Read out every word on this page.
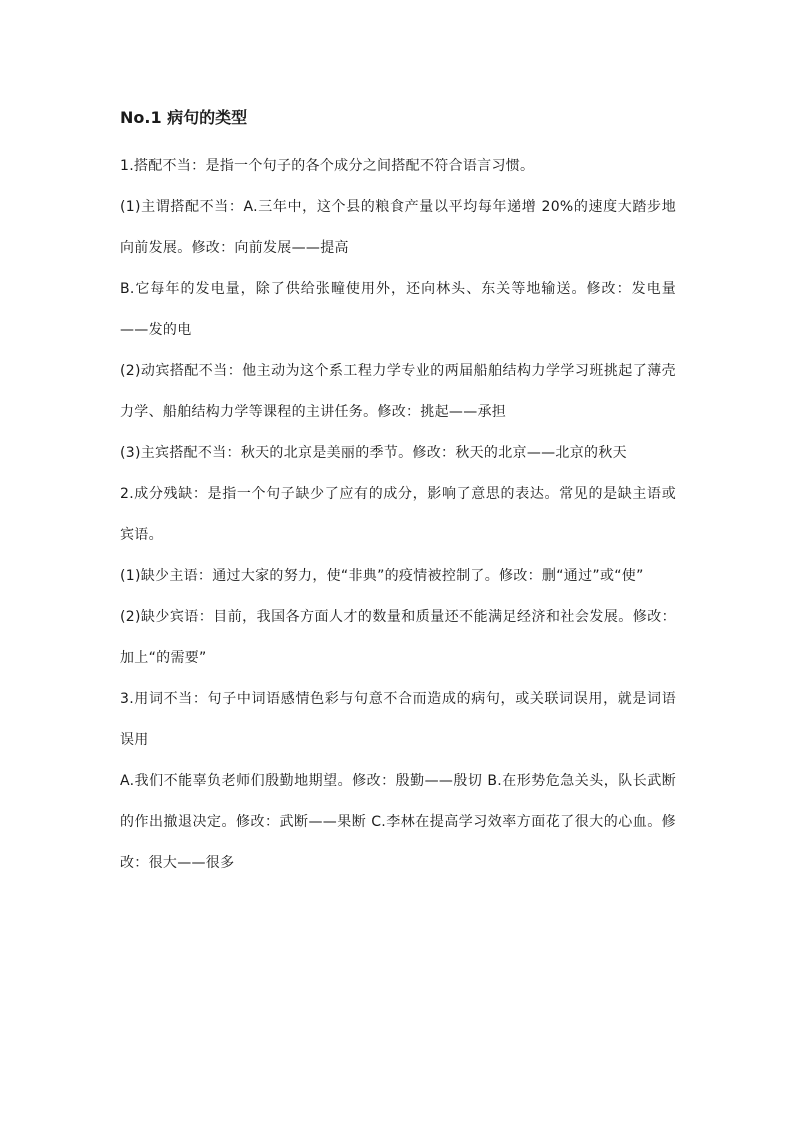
No.1 病句的类型

1.搭配不当：是指一个句子的各个成分之间搭配不符合语言习惯。

(1)主谓搭配不当：A.三年中，这个县的粮食产量以平均每年递增 20%的速度大踏步地向前发展。修改：向前发展——提高

B.它每年的发电量，除了供给张疃使用外，还向林头、东关等地输送。修改：发电量——发的电

(2)动宾搭配不当：他主动为这个系工程力学专业的两届船舶结构力学学习班挑起了薄壳力学、船舶结构力学等课程的主讲任务。修改：挑起——承担

(3)主宾搭配不当：秋天的北京是美丽的季节。修改：秋天的北京——北京的秋天

2.成分残缺：是指一个句子缺少了应有的成分，影响了意思的表达。常见的是缺主语或宾语。

(1)缺少主语：通过大家的努力，使“非典”的疫情被控制了。修改：删“通过”或“使”

(2)缺少宾语：目前，我国各方面人才的数量和质量还不能满足经济和社会发展。修改：加上“的需要”

3.用词不当：句子中词语感情色彩与句意不合而造成的病句，或关联词误用，就是词语误用

A.我们不能辜负老师们殷勤地期望。修改：殷勤——殷切 B.在形势危急关头，队长武断的作出撤退决定。修改：武断——果断 C.李林在提高学习效率方面花了很大的心血。修改：很大——很多
